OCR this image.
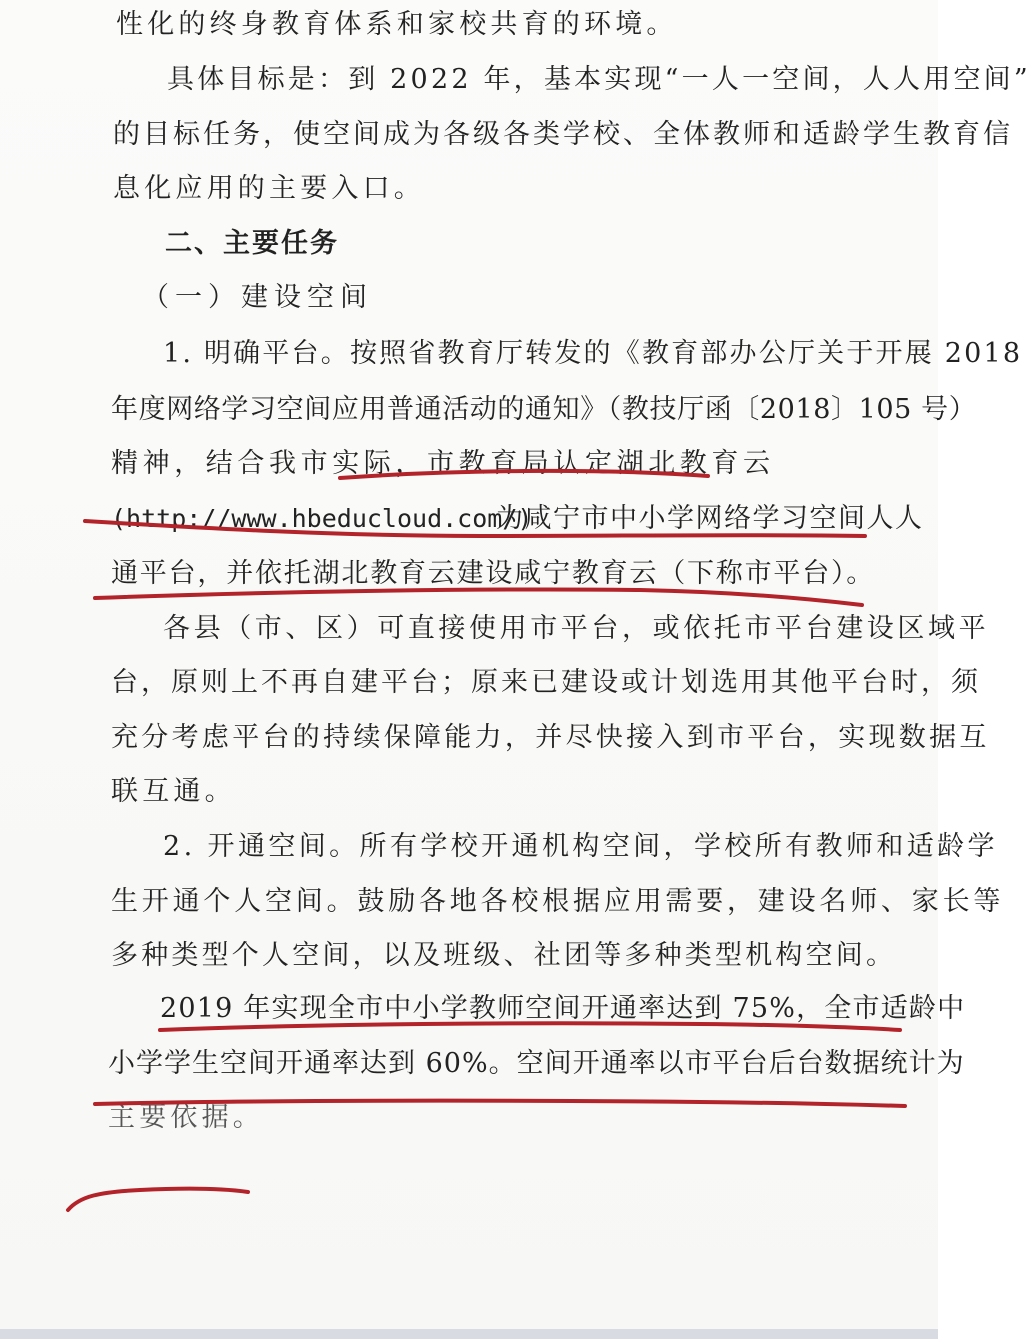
性化的终身教育体系和家校共育的环境。
具体目标是：到 2022 年，基本实现“一人一空间，人人用空间”
的目标任务，使空间成为各级各类学校、全体教师和适龄学生教育信
息化应用的主要入口。
二、主要任务
（一）建设空间
1. 明确平台。按照省教育厅转发的《教育部办公厅关于开展 2018
年度网络学习空间应用普通活动的通知》（教技厅函〔2018〕105 号）
精神，结合我市实际，市教育局认定湖北教育云
(http://www.hbeducloud.com/)
为咸宁市中小学网络学习空间人人
通平台，并依托湖北教育云建设咸宁教育云（下称市平台）。
各县（市、区）可直接使用市平台，或依托市平台建设区域平
台，原则上不再自建平台；原来已建设或计划选用其他平台时，须
充分考虑平台的持续保障能力，并尽快接入到市平台，实现数据互
联互通。
2. 开通空间。所有学校开通机构空间，学校所有教师和适龄学
生开通个人空间。鼓励各地各校根据应用需要，建设名师、家长等
多种类型个人空间，以及班级、社团等多种类型机构空间。
2019 年实现全市中小学教师空间开通率达到 75%，全市适龄中
小学学生空间开通率达到 60%。空间开通率以市平台后台数据统计为
主要依据。
